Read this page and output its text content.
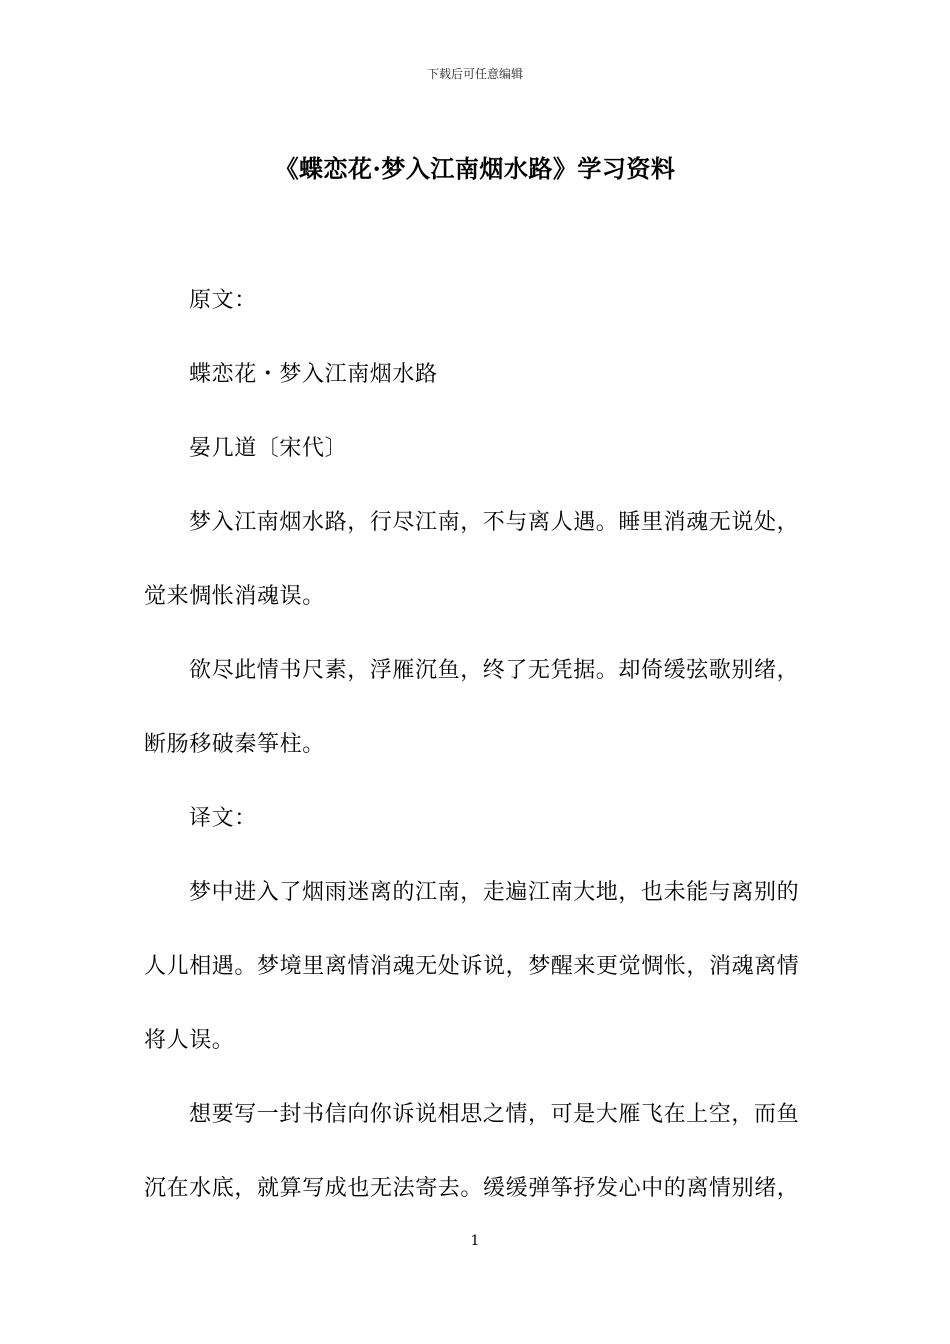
下载后可任意编辑
《蝶恋花·梦入江南烟水路》学习资料

原文：

蝶恋花・梦入江南烟水路

晏几道〔宋代〕

梦入江南烟水路，行尽江南，不与离人遇。睡里消魂无说处，觉来惆怅消魂误。

欲尽此情书尺素，浮雁沉鱼，终了无凭据。却倚缓弦歌别绪，断肠移破秦筝柱。

译文：

梦中进入了烟雨迷离的江南，走遍江南大地，也未能与离别的人儿相遇。梦境里离情消魂无处诉说，梦醒来更觉惆怅，消魂离情将人误。

想要写一封书信向你诉说相思之情，可是大雁飞在上空，而鱼沉在水底，就算写成也无法寄去。缓缓弹筝抒发心中的离情别绪，

1
